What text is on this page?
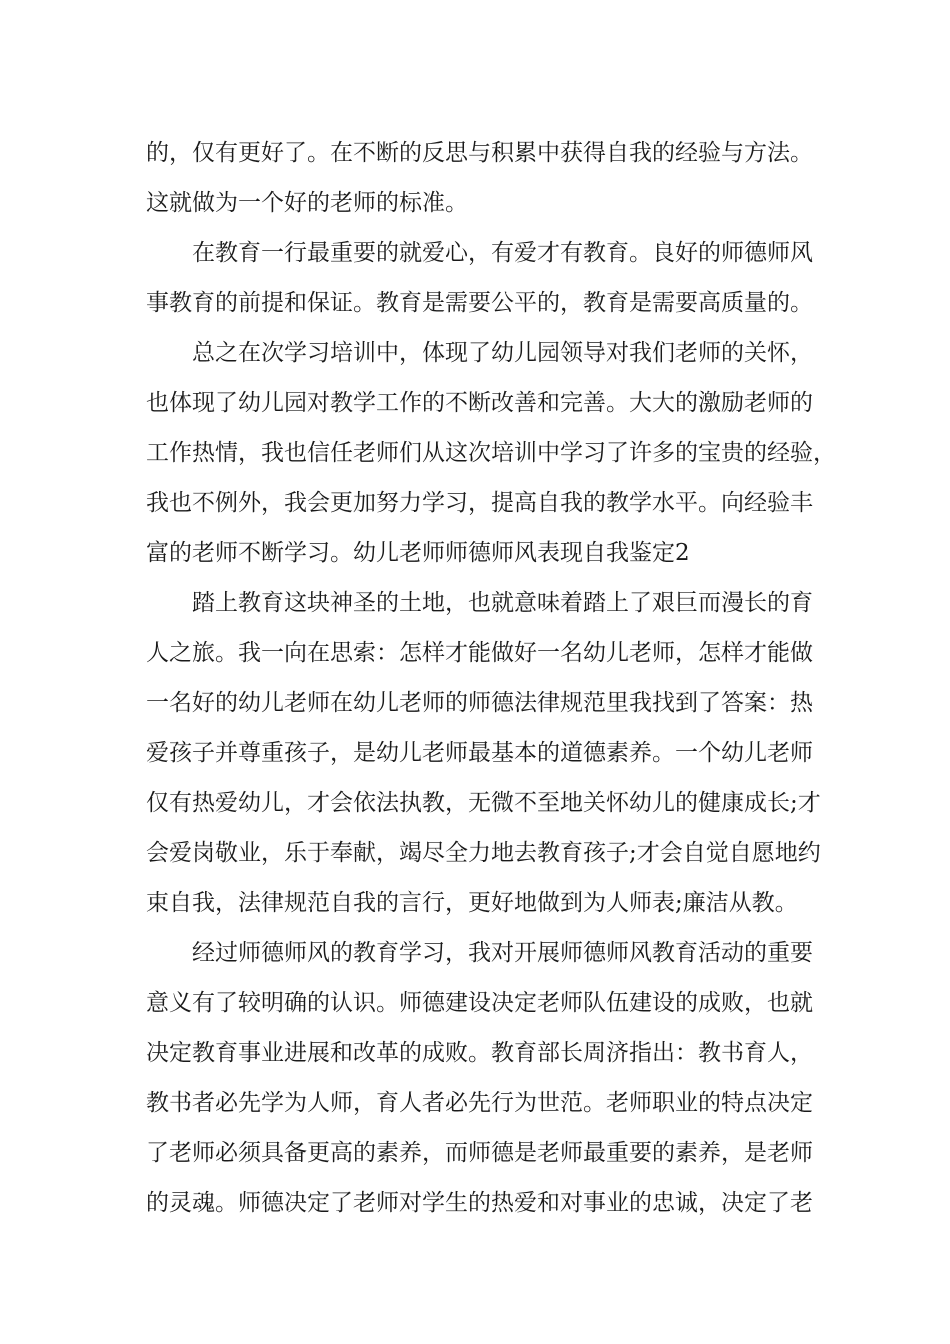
的，仅有更好了。在不断的反思与积累中获得自我的经验与方法。
这就做为一个好的老师的标准。
在教育一行最重要的就爱心，有爱才有教育。良好的师德师风
事教育的前提和保证。教育是需要公平的，教育是需要高质量的。
总之在次学习培训中，体现了幼儿园领导对我们老师的关怀，
也体现了幼儿园对教学工作的不断改善和完善。大大的激励老师的
工作热情，我也信任老师们从这次培训中学习了许多的宝贵的经验，
我也不例外，我会更加努力学习，提高自我的教学水平。向经验丰
富的老师不断学习。幼儿老师师德师风表现自我鉴定2
踏上教育这块神圣的土地，也就意味着踏上了艰巨而漫长的育
人之旅。我一向在思索：怎样才能做好一名幼儿老师，怎样才能做
一名好的幼儿老师在幼儿老师的师德法律规范里我找到了答案：热
爱孩子并尊重孩子，是幼儿老师最基本的道德素养。一个幼儿老师
仅有热爱幼儿，才会依法执教，无微不至地关怀幼儿的健康成长;才
会爱岗敬业，乐于奉献，竭尽全力地去教育孩子;才会自觉自愿地约
束自我，法律规范自我的言行，更好地做到为人师表;廉洁从教。
经过师德师风的教育学习，我对开展师德师风教育活动的重要
意义有了较明确的认识。师德建设决定老师队伍建设的成败，也就
决定教育事业进展和改革的成败。教育部长周济指出：教书育人，
教书者必先学为人师，育人者必先行为世范。老师职业的特点决定
了老师必须具备更高的素养，而师德是老师最重要的素养，是老师
的灵魂。师德决定了老师对学生的热爱和对事业的忠诚，决定了老
